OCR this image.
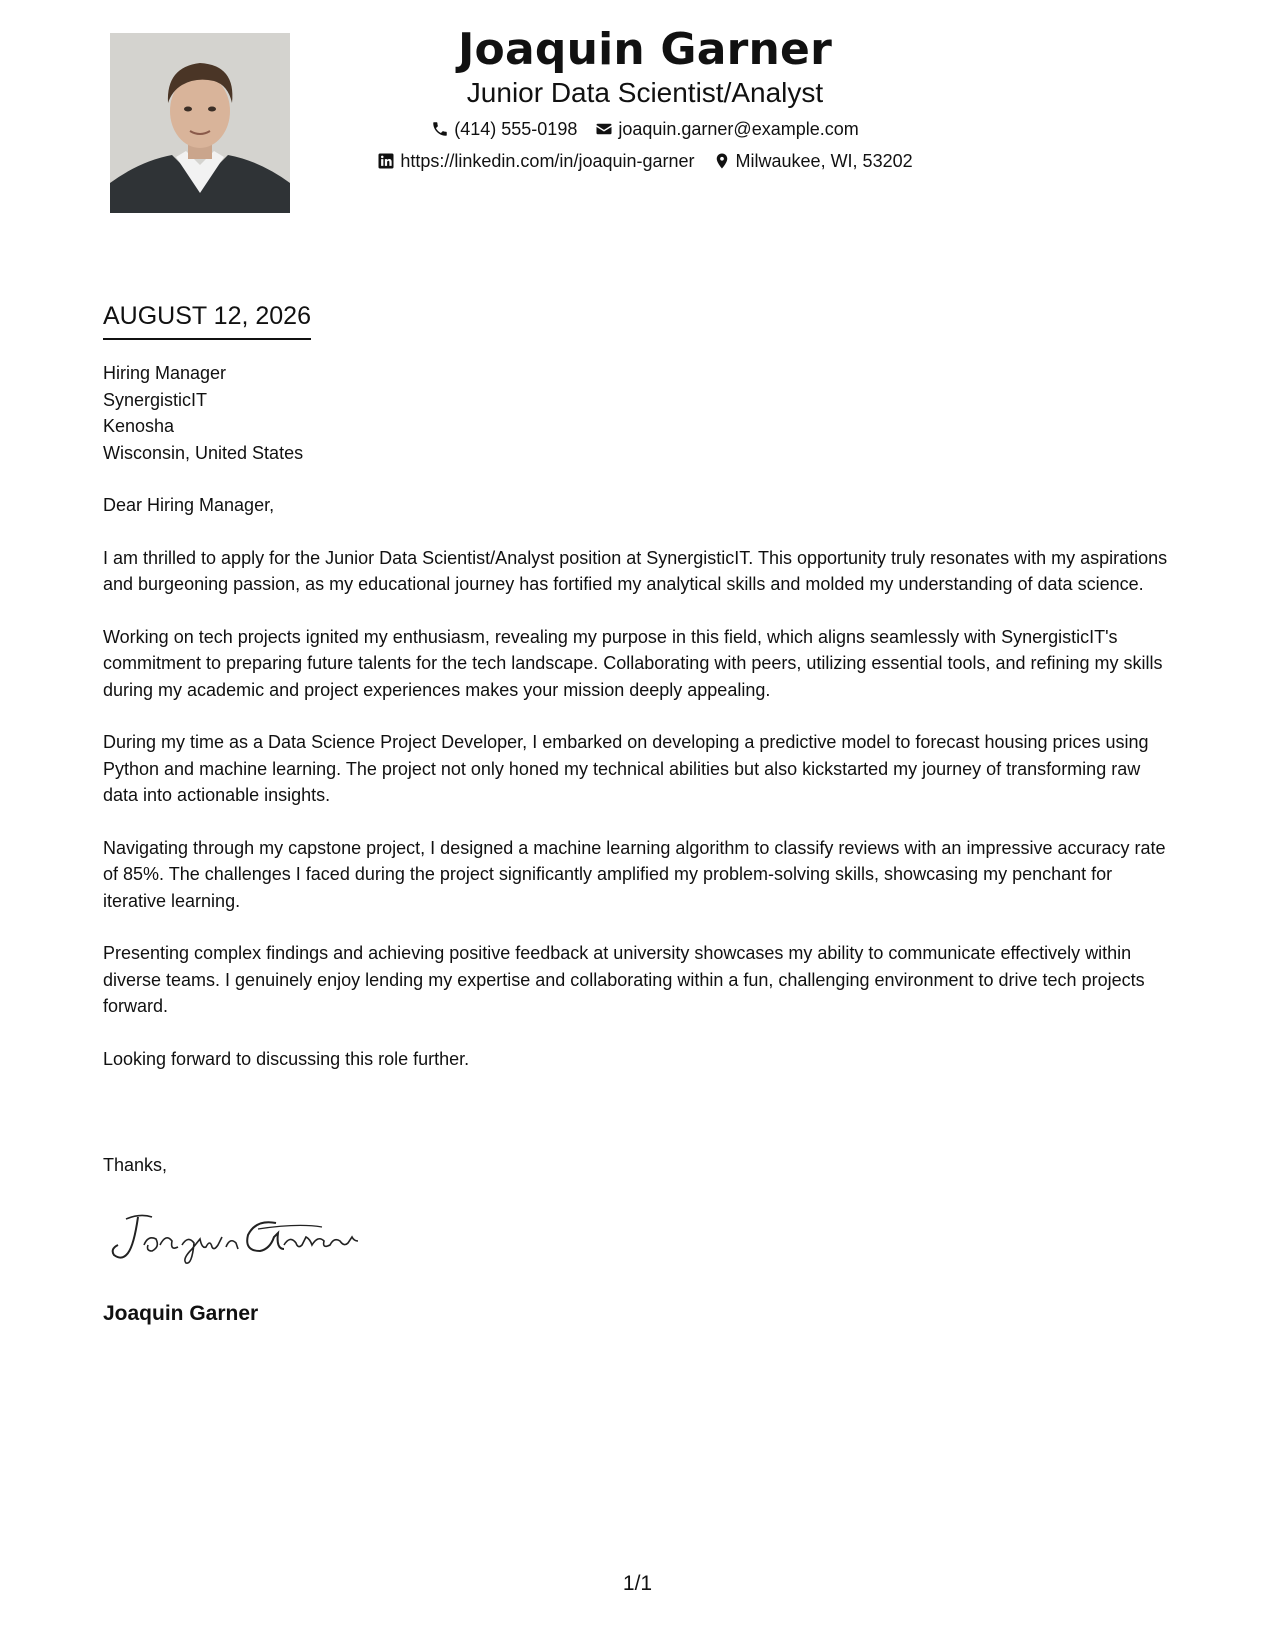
Joaquin Garner
Junior Data Scientist/Analyst
(414) 555-0198 joaquin.garner@example.com
https://linkedin.com/in/joaquin-garner Milwaukee, WI, 53202
AUGUST 12, 2026
Hiring Manager
SynergisticIT
Kenosha
Wisconsin, United States

Dear Hiring Manager,

I am thrilled to apply for the Junior Data Scientist/Analyst position at SynergisticIT. This opportunity truly resonates with my aspirations and burgeoning passion, as my educational journey has fortified my analytical skills and molded my understanding of data science.

Working on tech projects ignited my enthusiasm, revealing my purpose in this field, which aligns seamlessly with SynergisticIT's commitment to preparing future talents for the tech landscape. Collaborating with peers, utilizing essential tools, and refining my skills during my academic and project experiences makes your mission deeply appealing.

During my time as a Data Science Project Developer, I embarked on developing a predictive model to forecast housing prices using Python and machine learning. The project not only honed my technical abilities but also kickstarted my journey of transforming raw data into actionable insights.

Navigating through my capstone project, I designed a machine learning algorithm to classify reviews with an impressive accuracy rate of 85%. The challenges I faced during the project significantly amplified my problem-solving skills, showcasing my penchant for iterative learning.

Presenting complex findings and achieving positive feedback at university showcases my ability to communicate effectively within diverse teams. I genuinely enjoy lending my expertise and collaborating within a fun, challenging environment to drive tech projects forward.

Looking forward to discussing this role further.

Thanks,
Joaquin Garner
1/1
